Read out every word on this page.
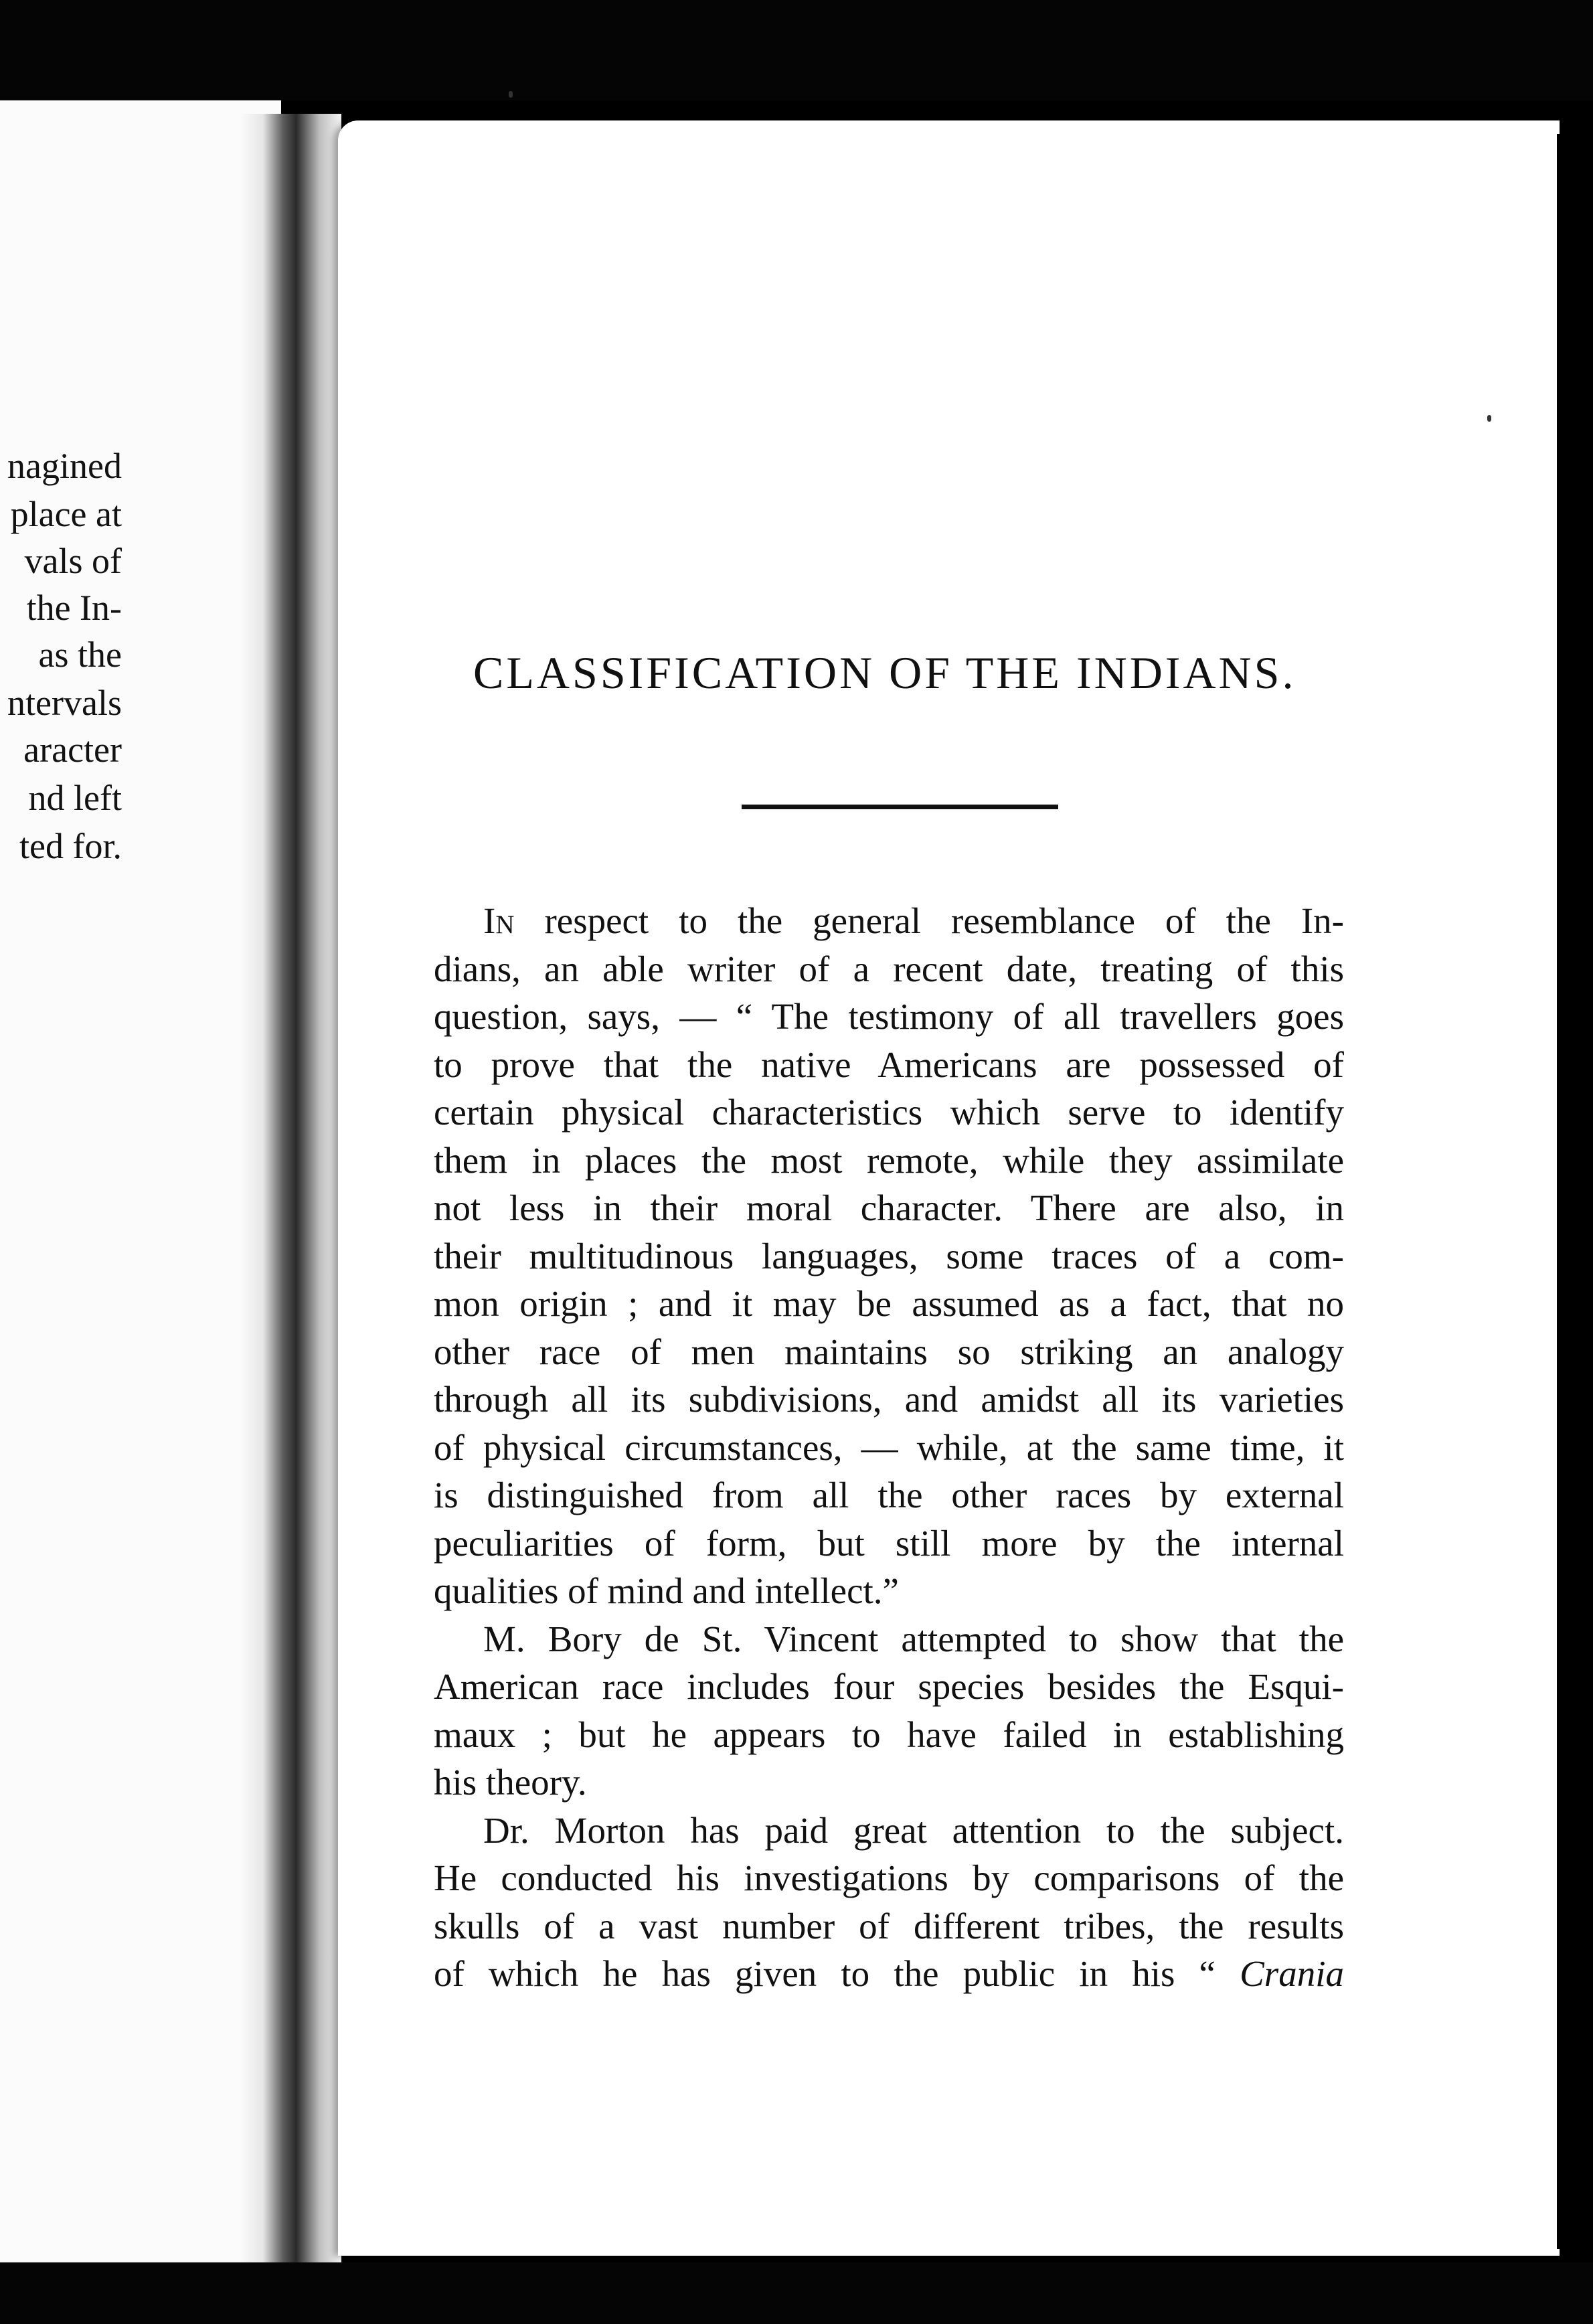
nagined
place at
vals of
the In-
as the
ntervals
aracter
nd left
ted for.
CLASSIFICATION OF THE INDIANS.
In respect to the general resemblance of the In-
dians, an able writer of a recent date, treating of this
question, says, — “ The testimony of all travellers goes
to prove that the native Americans are possessed of
certain physical characteristics which serve to identify
them in places the most remote, while they assimilate
not less in their moral character. There are also, in
their multitudinous languages, some traces of a com-
mon origin ; and it may be assumed as a fact, that no
other race of men maintains so striking an analogy
through all its subdivisions, and amidst all its varieties
of physical circumstances, — while, at the same time, it
is distinguished from all the other races by external
peculiarities of form, but still more by the internal
qualities of mind and intellect.”
M. Bory de St. Vincent attempted to show that the
American race includes four species besides the Esqui-
maux ; but he appears to have failed in establishing
his theory.
Dr. Morton has paid great attention to the subject.
He conducted his investigations by comparisons of the
skulls of a vast number of different tribes, the results
of which he has given to the public in his “ Crania
